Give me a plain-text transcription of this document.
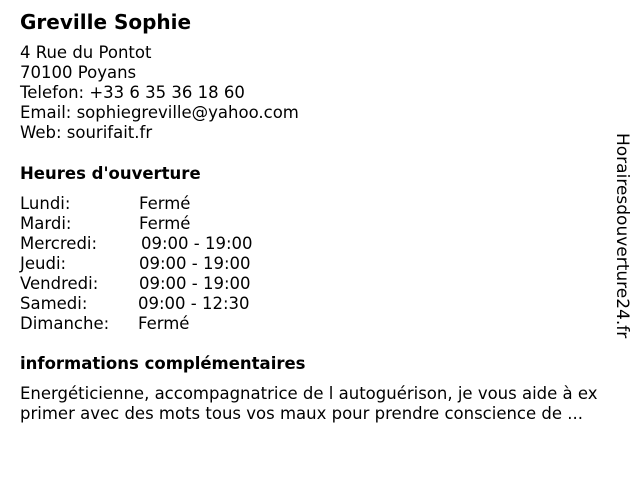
Greville Sophie
4 Rue du Pontot
70100 Poyans
Telefon: +33 6 35 36 18 60
Email: sophiegreville@yahoo.com
Web: sourifait.fr
Heures d'ouverture
Lundi:	Fermé
Mardi:	Fermé
Mercredi:	09:00 - 19:00
Jeudi:	09:00 - 19:00
Vendredi: 09:00 - 19:00
Samedi:	09:00 - 12:30
Dimanche: Fermé
informations complémentaires
Energéticienne, accompagnatrice de l autoguérison, je vous aide à ex
primer avec des mots tous vos maux pour prendre conscience de ...
Horairesdouverture24.fr
